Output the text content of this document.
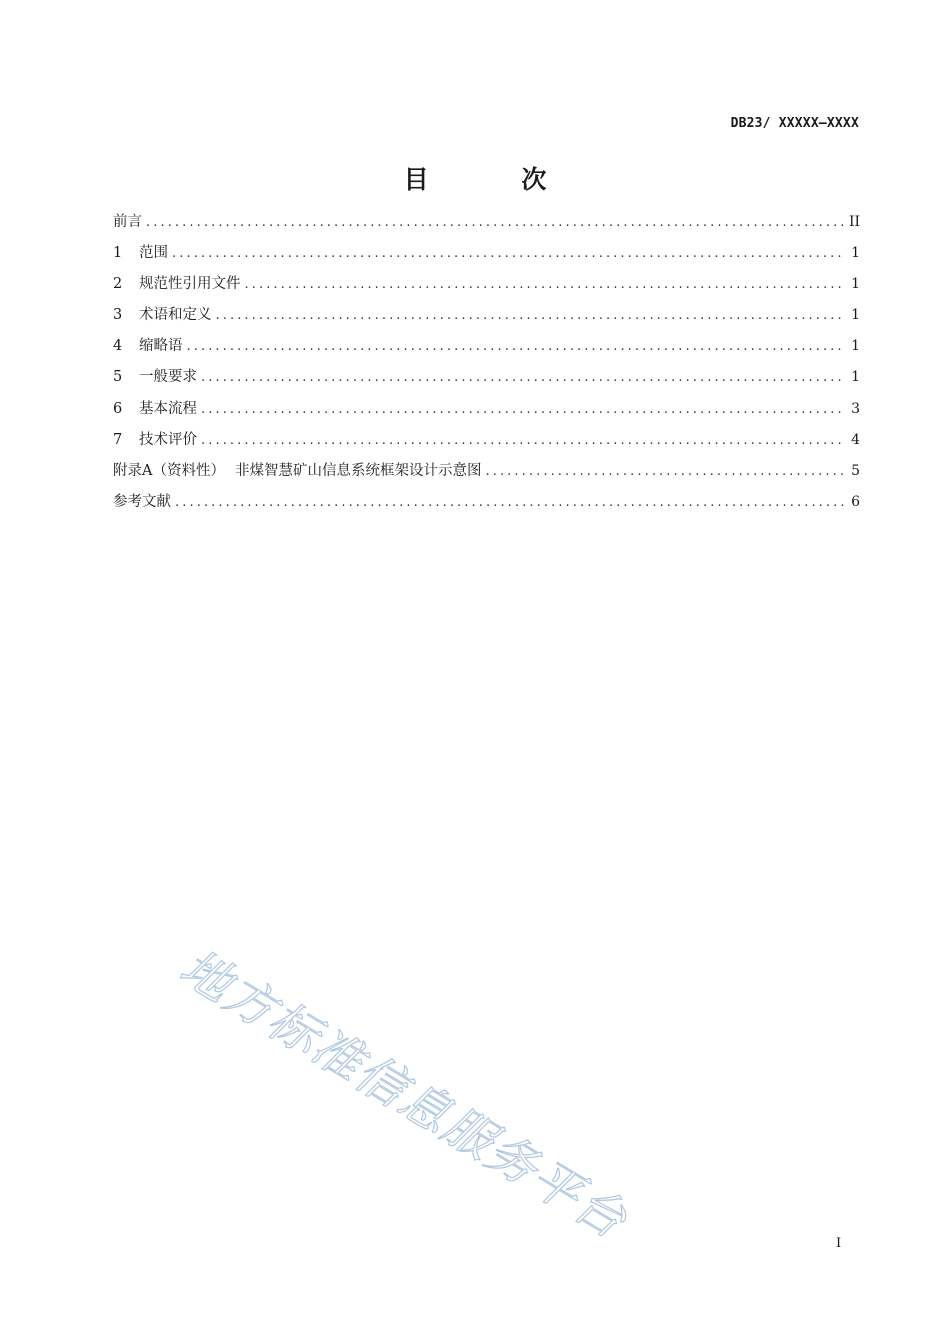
DB23/ XXXXX—XXXX
目 次
前言 .....	II
1	范围 .....	1
2	规范性引用文件 .....	1
3	术语和定义 .....	1
4	缩略语 .....	1
5	一般要求 .....	1
6	基本流程 .....	3
7	技术评价 .....	4
附录A（资料性） 非煤智慧矿山信息系统框架设计示意图 .....	5
参考文献 .....	6
地方标准信息服务平台	I
